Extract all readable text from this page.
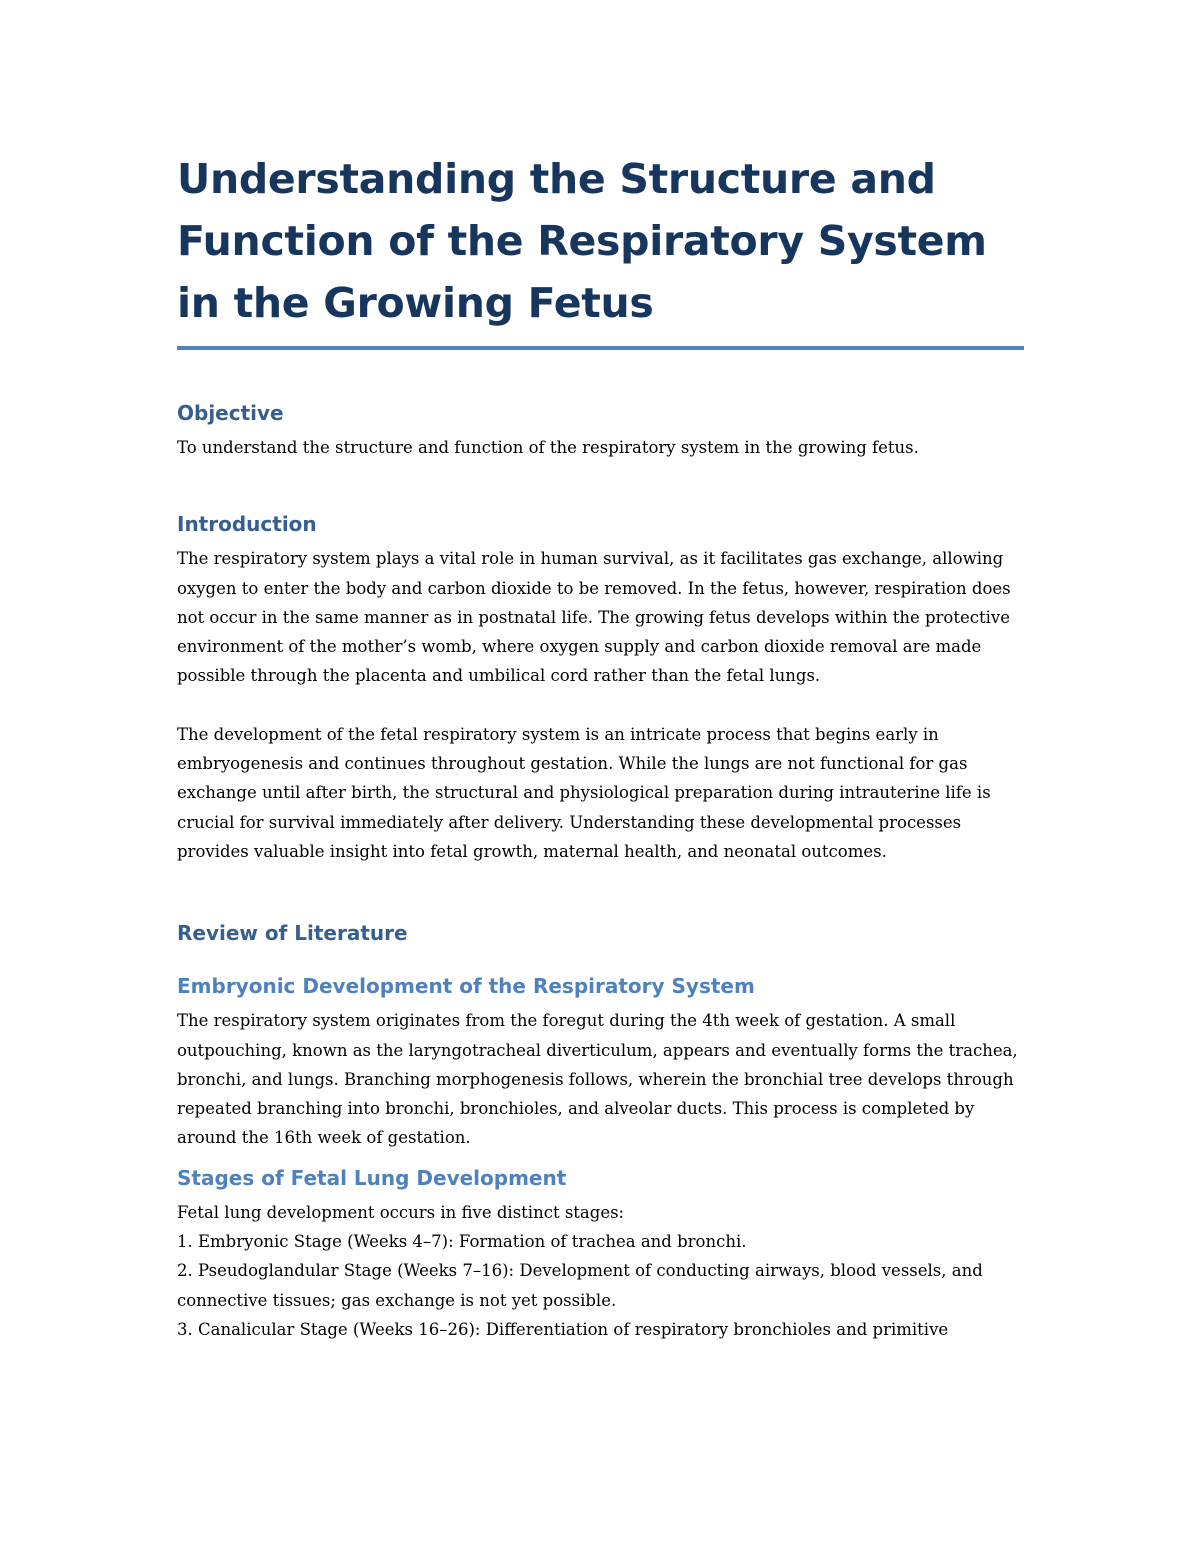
Understanding the Structure and Function of the Respiratory System in the Growing Fetus
Objective

To understand the structure and function of the respiratory system in the growing fetus.

Introduction

The respiratory system plays a vital role in human survival, as it facilitates gas exchange, allowing oxygen to enter the body and carbon dioxide to be removed. In the fetus, however, respiration does not occur in the same manner as in postnatal life. The growing fetus develops within the protective environment of the mother’s womb, where oxygen supply and carbon dioxide removal are made possible through the placenta and umbilical cord rather than the fetal lungs.

The development of the fetal respiratory system is an intricate process that begins early in embryogenesis and continues throughout gestation. While the lungs are not functional for gas exchange until after birth, the structural and physiological preparation during intrauterine life is crucial for survival immediately after delivery. Understanding these developmental processes provides valuable insight into fetal growth, maternal health, and neonatal outcomes.

Review of Literature
Embryonic Development of the Respiratory System

The respiratory system originates from the foregut during the 4th week of gestation. A small outpouching, known as the laryngotracheal diverticulum, appears and eventually forms the trachea, bronchi, and lungs. Branching morphogenesis follows, wherein the bronchial tree develops through repeated branching into bronchi, bronchioles, and alveolar ducts. This process is completed by around the 16th week of gestation.

Stages of Fetal Lung Development

Fetal lung development occurs in five distinct stages:

1. Embryonic Stage (Weeks 4–7): Formation of trachea and bronchi.
2. Pseudoglandular Stage (Weeks 7–16): Development of conducting airways, blood vessels, and connective tissues; gas exchange is not yet possible.
3. Canalicular Stage (Weeks 16–26): Differentiation of respiratory bronchioles and primitive
